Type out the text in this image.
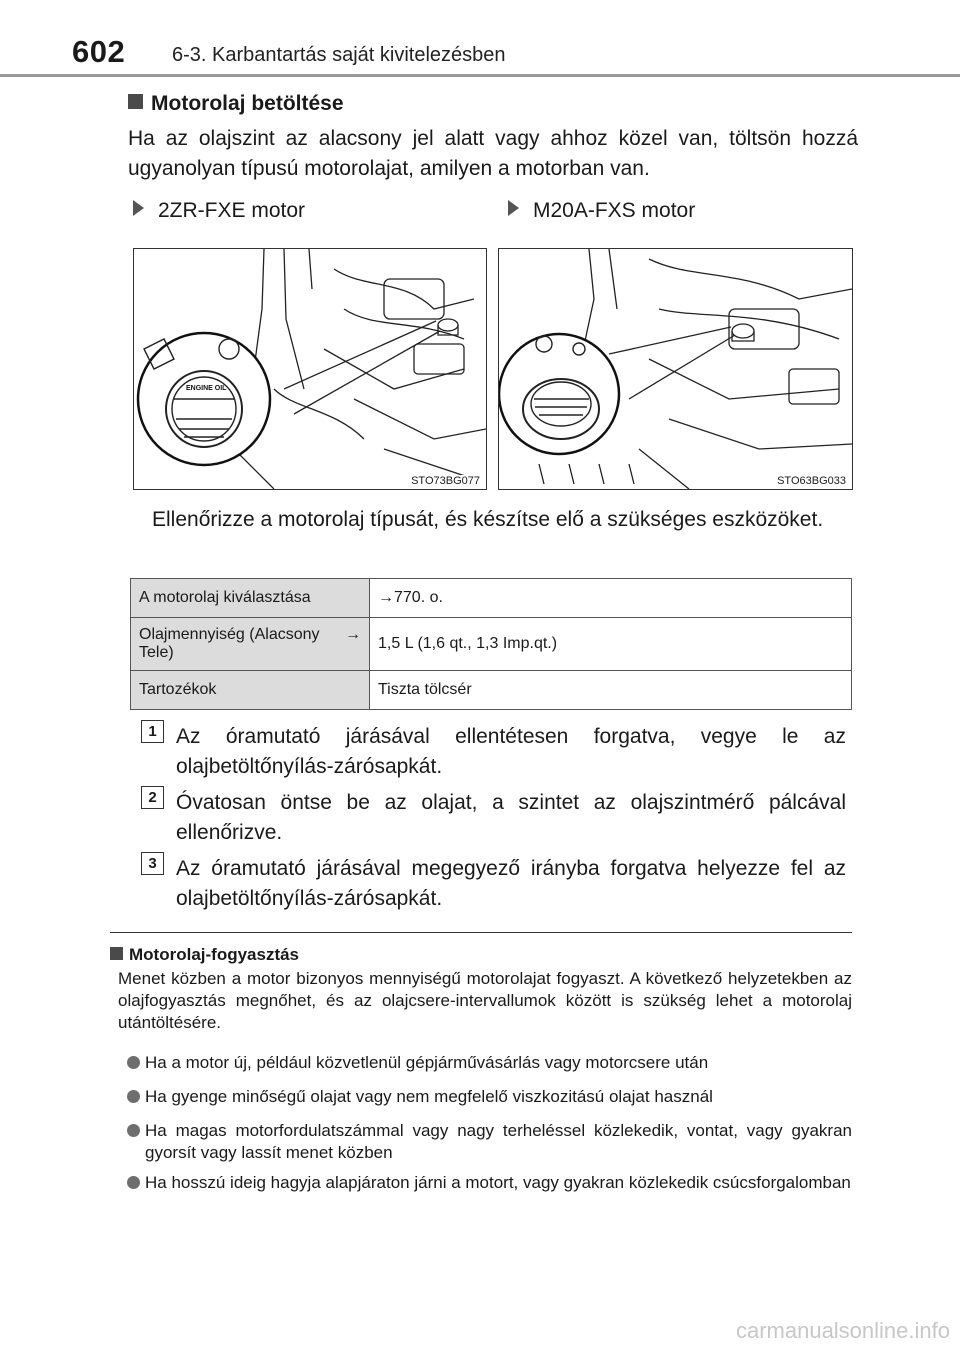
602 6-3. Karbantartás saját kivitelezésben
Motorolaj betöltése
Ha az olajszint az alacsony jel alatt vagy ahhoz közel van, töltsön hozzá ugyanolyan típusú motorolajat, amilyen a motorban van.
2ZR-FXE motor	M20A-FXS motor
ENGINE OIL
STO73BG077	STO63BG033
Ellenőrizze a motorolaj típusát, és készítse elő a szükséges eszközöket.
A motorolaj kiválasztása	→770. o.

Olajmennyiség (Alacsony →
Tele)	1,5 L (1,6 qt., 1,3 Imp.qt.)
Tartozékok	Tiszta tölcsér
1 Az óramutató járásával ellentétesen forgatva, vegye le az olajbetöltőnyílás-zárósapkát.
2 Óvatosan öntse be az olajat, a szintet az olajszintmérő pálcával ellenőrizve.
3 Az óramutató járásával megegyező irányba forgatva helyezze fel az olajbetöltőnyílás-zárósapkát.
Motorolaj-fogyasztás
Menet közben a motor bizonyos mennyiségű motorolajat fogyaszt. A következő helyzetekben az olajfogyasztás megnőhet, és az olajcsere-intervallumok között is szükség lehet a motorolaj utántöltésére.
Ha a motor új, például közvetlenül gépjárművásárlás vagy motorcsere után
Ha gyenge minőségű olajat vagy nem megfelelő viszkozitású olajat használ
Ha magas motorfordulatszámmal vagy nagy terheléssel közlekedik, vontat, vagy gyakran gyorsít vagy lassít menet közben
Ha hosszú ideig hagyja alapjáraton járni a motort, vagy gyakran közlekedik csúcsforgalomban
carmanualsonline.info
